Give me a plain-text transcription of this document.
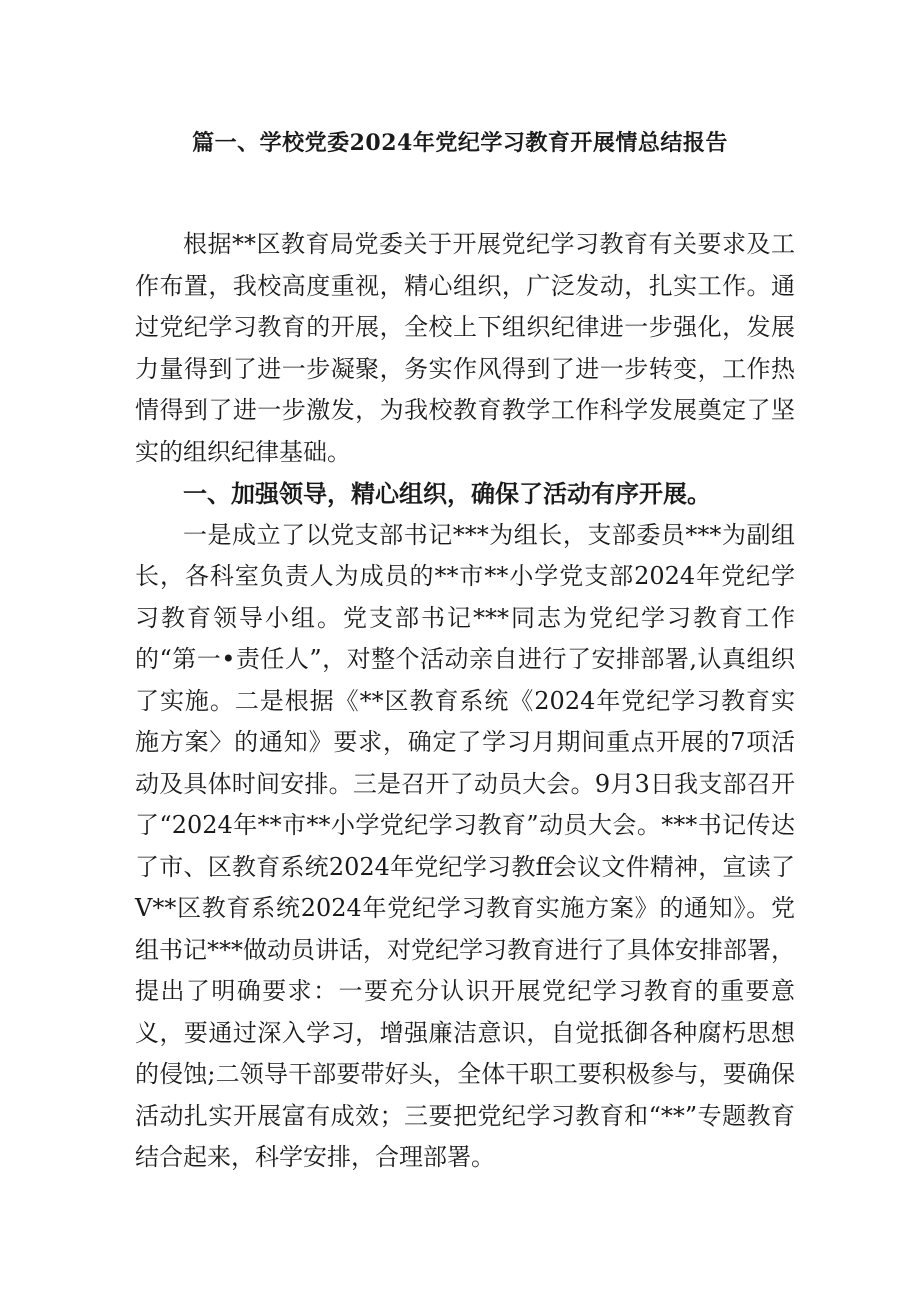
篇一、学校党委2024年党纪学习教育开展情总结报告

根据**区教育局党委关于开展党纪学习教育有关要求及工作布置，我校高度重视，精心组织，广泛发动，扎实工作。通过党纪学习教育的开展，全校上下组织纪律进一步强化，发展力量得到了进一步凝聚，务实作风得到了进一步转变，工作热情得到了进一步激发，为我校教育教学工作科学发展奠定了坚实的组织纪律基础。

一、加强领导，精心组织，确保了活动有序开展。

一是成立了以党支部书记***为组长，支部委员***为副组长，各科室负责人为成员的**市**小学党支部2024年党纪学习教育领导小组。党支部书记***同志为党纪学习教育工作的“第一•责任人”，对整个活动亲自进行了安排部署,认真组织了实施。二是根据《**区教育系统《2024年党纪学习教育实施方案〉的通知》要求，确定了学习月期间重点开展的7项活动及具体时间安排。三是召开了动员大会。9月3日我支部召开了“2024年**市**小学党纪学习教育”动员大会。***书记传达了市、区教育系统2024年党纪学习教ff会议文件精神，宣读了V**区教育系统2024年党纪学习教育实施方案》的通知》。党组书记***做动员讲话，对党纪学习教育进行了具体安排部署，提出了明确要求：一要充分认识开展党纪学习教育的重要意义，要通过深入学习，增强廉洁意识，自觉抵御各种腐朽思想的侵蚀;二领导干部要带好头，全体干职工要积极参与，要确保活动扎实开展富有成效；三要把党纪学习教育和“**”专题教育结合起来，科学安排，合理部署。
